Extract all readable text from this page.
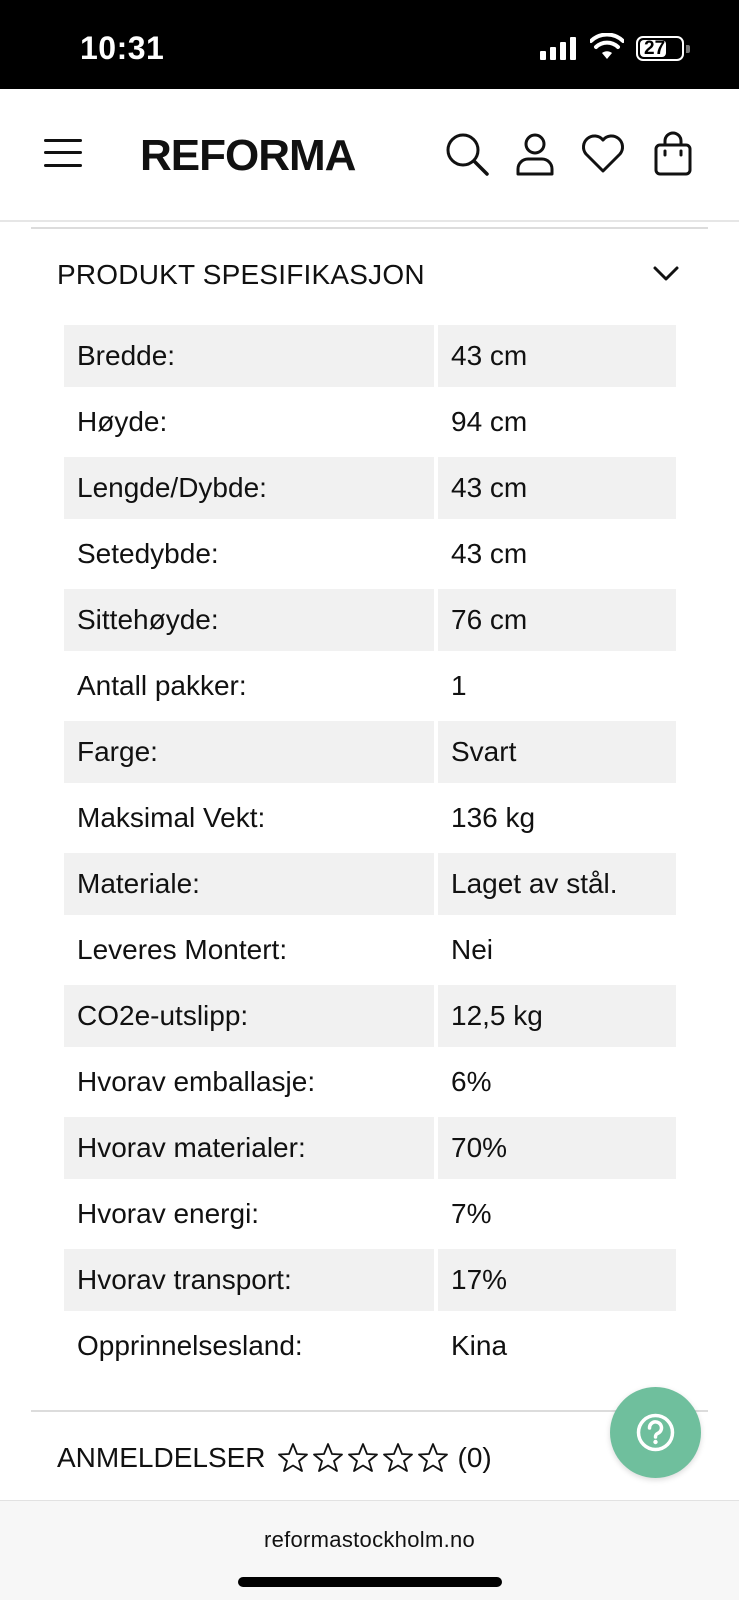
10:31	27
REFORMA
PRODUKT SPESIFIKASJON
Bredde:	43 cm
Høyde:	94 cm
Lengde/Dybde:	43 cm
Setedybde:	43 cm
Sittehøyde:	76 cm
Antall pakker:	1
Farge:	Svart
Maksimal Vekt:	136 kg
Materiale:	Laget av stål.
Leveres Montert:	Nei
CO2e-utslipp:	12,5 kg
Hvorav emballasje:	6%
Hvorav materialer:	70%
Hvorav energi:	7%
Hvorav transport:	17%
Opprinnelsesland:	Kina
ANMELDELSER	(0)
reformastockholm.no
